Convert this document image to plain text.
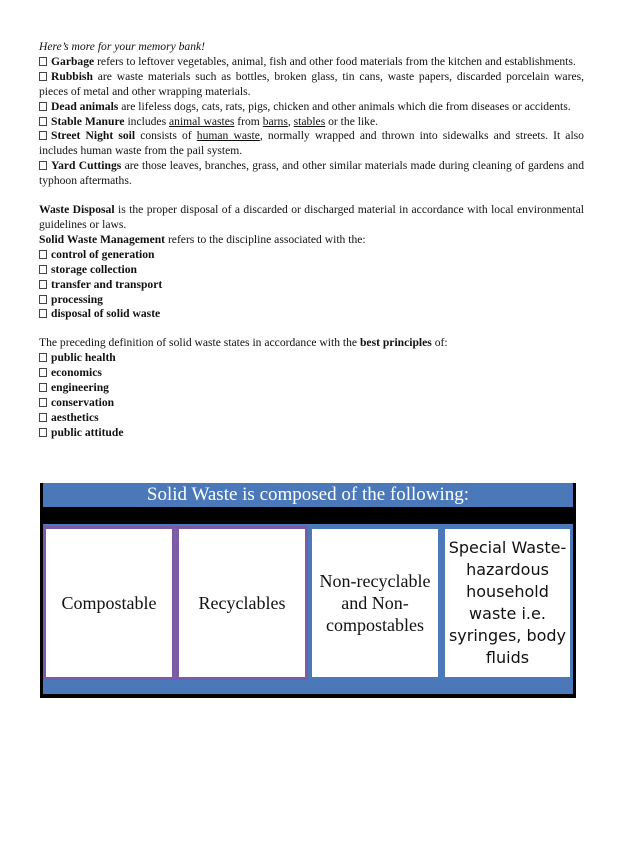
Here’s more for your memory bank!
Garbage refers to leftover vegetables, animal, fish and other food materials from the kitchen and establishments.
Rubbish are waste materials such as bottles, broken glass, tin cans, waste papers, discarded porcelain wares, pieces of metal and other wrapping materials.
Dead animals are lifeless dogs, cats, rats, pigs, chicken and other animals which die from diseases or accidents.
Stable Manure includes animal wastes from barns, stables or the like.
Street Night soil consists of human waste, normally wrapped and thrown into sidewalks and streets. It also includes human waste from the pail system.
Yard Cuttings are those leaves, branches, grass, and other similar materials made during cleaning of gardens and typhoon aftermaths.
Waste Disposal is the proper disposal of a discarded or discharged material in accordance with local environmental guidelines or laws.
Solid Waste Management refers to the discipline associated with the:
control of generation
storage collection
transfer and transport
processing
disposal of solid waste
The preceding definition of solid waste states in accordance with the best principles of:
public health
economics
engineering
conservation
aesthetics
public attitude
Solid Waste is composed of the following:
Compostable	Recyclables
Non-recyclable and Non-compostables
Special Waste- hazardous household waste i.e. syringes, body fluids
